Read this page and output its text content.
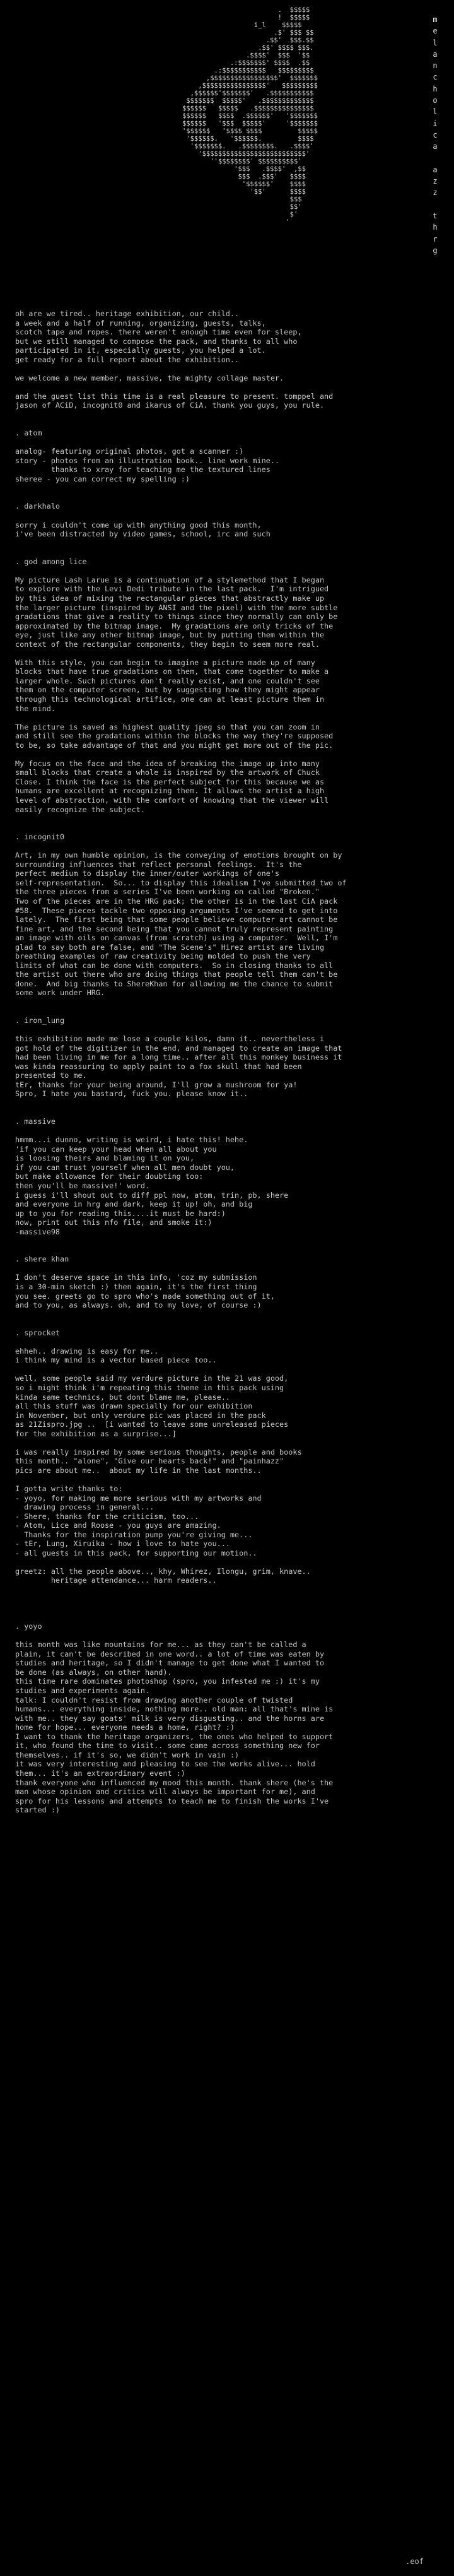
.  $$$$$
!  $$$$$
i_l    $$$$$
.$' $$$ $$
.$$'  $$$.$$
.$$' $$$$ $$$.
.$$$$'  $$$  '$$
.:$$$$$$$' $$$$  .$$
.:$$$$$$$$$$$   $$$$$$$$$
,$$$$$$$$$$$$$$$$$'  $$$$$$$
,$$$$$$$$$$$$$$$$'   $$$$$$$$$
,$$$$$$'$$$$$$$'   .$$$$$$$$$$$
$$$$$$$  $$$$$'   .$$$$$$$$$$$$$
$$$$$$   $$$$$   .$$$$$$$$$$$$$$$
$$$$$$   $$$$  .$$$$$$'   '$$$$$$$
$$$$$$   '$$$  $$$$$'     '$$$$$$$
'$$$$$$   '$$$$ $$$$         $$$$$
'$$$$$$.   '$$$$$$.         $$$$
'$$$$$$$.   .$$$$$$$$.   .$$$$'
'$$$$$$$$$$$$$$$$$$$$$$$$$$'
''$$$$$$$$' $$$$$$$$$$'
'$$$   .$$$$'  ,$$
$$$  .$$$'   $$$$
'$$$$$$'    $$$$
'$$'      $$$$
$$$
$$'
$'
'
m
e
l
a
n
c
h
o
l
i
c
a

a
z
z

t
h
r
g
oh are we tired.. heritage exhibition, our child..
a week and a half of running, organizing, guests, talks,
scotch tape and ropes. there weren't enough time even for sleep,
but we still managed to compose the pack, and thanks to all who
participated in it, especially guests, you helped a lot.
get ready for a full report about the exhibition..

we welcome a new member, massive, the mighty collage master.

and the guest list this time is a real pleasure to present. tomppel and
jason of ACiD, incognit0 and ikarus of CiA. thank you guys, you rule.

. atom

analog- featuring original photos, got a scanner :)
story - photos from an illustration book.. line work mine..
thanks to xray for teaching me the textured lines
sheree - you can correct my spelling :)

. darkhalo

sorry i couldn't come up with anything good this month,
i've been distracted by video games, school, irc and such

. god among lice

My picture Lash Larue is a continuation of a stylemethod that I began
to explore with the Levi Dedi tribute in the last pack.  I'm intrigued
by this idea of mixing the rectangular pieces that abstractly make up
the larger picture (inspired by ANSI and the pixel) with the more subtle
gradations that give a reality to things since they normally can only be
approximated by the bitmap image.  My gradations are only tricks of the
eye, just like any other bitmap image, but by putting them within the
context of the rectangular components, they begin to seem more real.

With this style, you can begin to imagine a picture made up of many
blocks that have true gradations on them, that come together to make a
larger whole. Such pictures don't really exist, and one couldn't see
them on the computer screen, but by suggesting how they might appear
through this technological artifice, one can at least picture them in
the mind.

The picture is saved as highest quality jpeg so that you can zoom in
and still see the gradations within the blocks the way they're supposed
to be, so take advantage of that and you might get more out of the pic.

My focus on the face and the idea of breaking the image up into many
small blocks that create a whole is inspired by the artwork of Chuck
Close. I think the face is the perfect subject for this because we as
humans are excellent at recognizing them. It allows the artist a high
level of abstraction, with the comfort of knowing that the viewer will
easily recognize the subject.

. incognit0

Art, in my own humble opinion, is the conveying of emotions brought on by
surrounding influences that reflect personal feelings.  It's the
perfect medium to display the inner/outer workings of one's
self-representation.  So... to display this idealism I've submitted two of
the three pieces from a series I've been working on called "Broken."
Two of the pieces are in the HRG pack; the other is in the last CiA pack
#58.  These pieces tackle two opposing arguments I've seemed to get into
lately.  The first being that some people believe computer art cannot be
fine art, and the second being that you cannot truly represent painting
an image with oils on canvas (from scratch) using a computer.  Well, I'm
glad to say both are false, and "The Scene's" Hirez artist are living
breathing examples of raw creativity being molded to push the very
limits of what can be done with computers.  So in closing thanks to all
the artist out there who are doing things that people tell them can't be
done.  And big thanks to ShereKhan for allowing me the chance to submit
some work under HRG.

. iron_lung

this exhibition made me lose a couple kilos, damn it.. nevertheless i
got hold of the digitizer in the end, and managed to create an image that
had been living in me for a long time.. after all this monkey business it
was kinda reassuring to apply paint to a fox skull that had been
presented to me.
tEr, thanks for your being around, I'll grow a mushroom for ya!
Spro, I hate you bastard, fuck you. please know it..

. massive

hmmm...i dunno, writing is weird, i hate this! hehe.
'if you can keep your head when all about you
is loosing theirs and blaming it on you,
if you can trust yourself when all men doubt you,
but make allowance for their doubting too:
then you'll be massive!' word.
i guess i'll shout out to diff ppl now, atom, trin, pb, shere
and everyone in hrg and dark, keep it up! oh, and big
up to you for reading this....it must be hard:)
now, print out this nfo file, and smoke it:)
-massive98

. shere khan

I don't deserve space in this info, 'coz my submission
is a 30-min sketch :) then again, it's the first thing
you see. greets go to spro who's made something out of it,
and to you, as always. oh, and to my love, of course :)

. sprocket

ehheh.. drawing is easy for me..
i think my mind is a vector based piece too..

well, some people said my verdure picture in the 21 was good,
so i might think i'm repeating this theme in this pack using
kinda same technics, but dont blame me, please..
all this stuff was drawn specially for our exhibition
in November, but only verdure pic was placed in the pack
as 21Zispro.jpg ..  [i wanted to leave some unreleased pieces
for the exhibition as a surprise...]

i was really inspired by some serious thoughts, people and books
this month.. "alone", "Give our hearts back!" and "painhazz"
pics are about me..  about my life in the last months..

I gotta write thanks to:
- yoyo, for making me more serious with my artworks and
drawing process in general...
- Shere, thanks for the criticism, too...
- Atom, Lice and Roose - you guys are amazing.
Thanks for the inspiration pump you're giving me...
- tEr, Lung, Xiruika - how i love to hate you...
- all guests in this pack, for supporting our motion..

greetz: all the people above.., khy, Whirez, Ilongu, grim, knave..
heritage attendance... harm readers..

. yoyo

this month was like mountains for me... as they can't be called a
plain, it can't be described in one word.. a lot of time was eaten by
studies and heritage, so I didn't manage to get done what I wanted to
be done (as always, on other hand).
this time rare dominates photoshop (spro, you infested me :) it's my
studies and experiments again.
talk: I couldn't resist from drawing another couple of twisted
humans... everything inside, nothing more.. old man: all that's mine is
with me.. they say goats' milk is very disgusting.. and the horns are
home for hope... everyone needs a home, right? :)
I want to thank the heritage organizers, the ones who helped to support
it, who found the time to visit.. some came across something new for
themselves.. if it's so, we didn't work in vain :)
it was very interesting and pleasing to see the works alive... hold
them... it's an extraordinary event :)
thank everyone who influenced my mood this month. thank shere (he's the
man whose opinion and critics will always be important for me), and
spro for his lessons and attempts to teach me to finish the works I've
started :)
.eof
